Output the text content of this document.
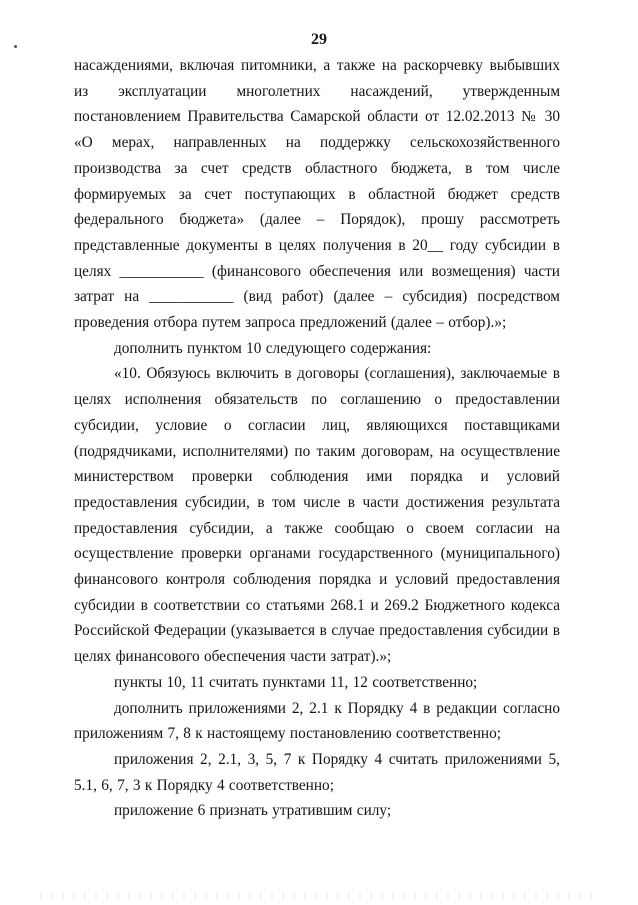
29

насаждениями, включая питомники, а также на раскорчевку выбывших из эксплуатации многолетних насаждений, утвержденным постановлением Правительства Самарской области от 12.02.2013 № 30 «О мерах, направленных на поддержку сельскохозяйственного производства за счет средств областного бюджета, в том числе формируемых за счет поступающих в областной бюджет средств федерального бюджета» (далее – Порядок), прошу рассмотреть представленные документы в целях получения в 20__ году субсидии в целях ___________ (финансового обеспечения или возмещения) части затрат на ___________ (вид работ) (далее – субсидия) посредством проведения отбора путем запроса предложений (далее – отбор).»;

дополнить пунктом 10 следующего содержания:

«10. Обязуюсь включить в договоры (соглашения), заключаемые в целях исполнения обязательств по соглашению о предоставлении субсидии, условие о согласии лиц, являющихся поставщиками (подрядчиками, исполнителями) по таким договорам, на осуществление министерством проверки соблюдения ими порядка и условий предоставления субсидии, в том числе в части достижения результата предоставления субсидии, а также сообщаю о своем согласии на осуществление проверки органами государственного (муниципального) финансового контроля соблюдения порядка и условий предоставления субсидии в соответствии со статьями 268.1 и 269.2 Бюджетного кодекса Российской Федерации (указывается в случае предоставления субсидии в целях финансового обеспечения части затрат).»;

пункты 10, 11 считать пунктами 11, 12 соответственно;

дополнить приложениями 2, 2.1 к Порядку 4 в редакции согласно приложениям 7, 8 к настоящему постановлению соответственно;

приложения 2, 2.1, 3, 5, 7 к Порядку 4 считать приложениями 5, 5.1, 6, 7, 3 к Порядку 4 соответственно;

приложение 6 признать утратившим силу;
